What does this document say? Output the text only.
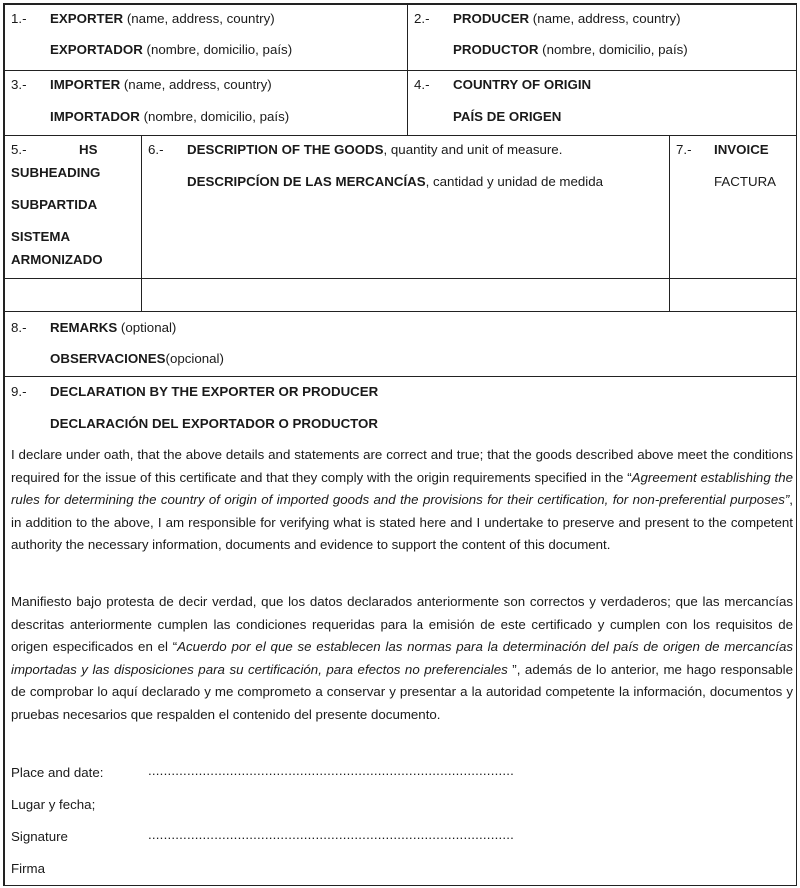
1.- EXPORTER (name, address, country)
EXPORTADOR (nombre, domicilio, país)
2.- PRODUCER (name, address, country)
PRODUCTOR (nombre, domicilio, país)
3.- IMPORTER (name, address, country)
IMPORTADOR (nombre, domicilio, país)
4.- COUNTRY OF ORIGIN
PAÍS DE ORIGEN
5.-	HS
SUBHEADING
SUBPARTIDA
SISTEMA
ARMONIZADO
6.- DESCRIPTION OF THE GOODS, quantity and unit of measure.
DESCRIPCÍON DE LAS MERCANCÍAS, cantidad y unidad de medida
7.- INVOICE
FACTURA
8.- REMARKS (optional)
OBSERVACIONES(opcional)
9.- DECLARATION BY THE EXPORTER OR PRODUCER
DECLARACIÓN DEL EXPORTADOR O PRODUCTOR
I declare under oath, that the above details and statements are correct and true; that the goods described above meet the conditions required for the issue of this certificate and that they comply with the origin requirements specified in the “Agreement establishing the rules for determining the country of origin of imported goods and the provisions for their certification, for non-preferential purposes”, in addition to the above, I am responsible for verifying what is stated here and I undertake to preserve and present to the competent authority the necessary information, documents and evidence to support the content of this document.
Manifiesto bajo protesta de decir verdad, que los datos declarados anteriormente son correctos y verdaderos; que las mercancías descritas anteriormente cumplen las condiciones requeridas para la emisión de este certificado y cumplen con los requisitos de origen especificados en el “Acuerdo por el que se establecen las normas para la determinación del país de origen de mercancías importadas y las disposiciones para su certificación, para efectos no preferenciales ”, además de lo anterior, me hago responsable de comprobar lo aquí declarado y me comprometo a conservar y presentar a la autoridad competente la información, documentos y pruebas necesarios que respalden el contenido del presente documento.
Place and date:	..............................................................................................
Lugar y fecha;
Signature	..............................................................................................
Firma
